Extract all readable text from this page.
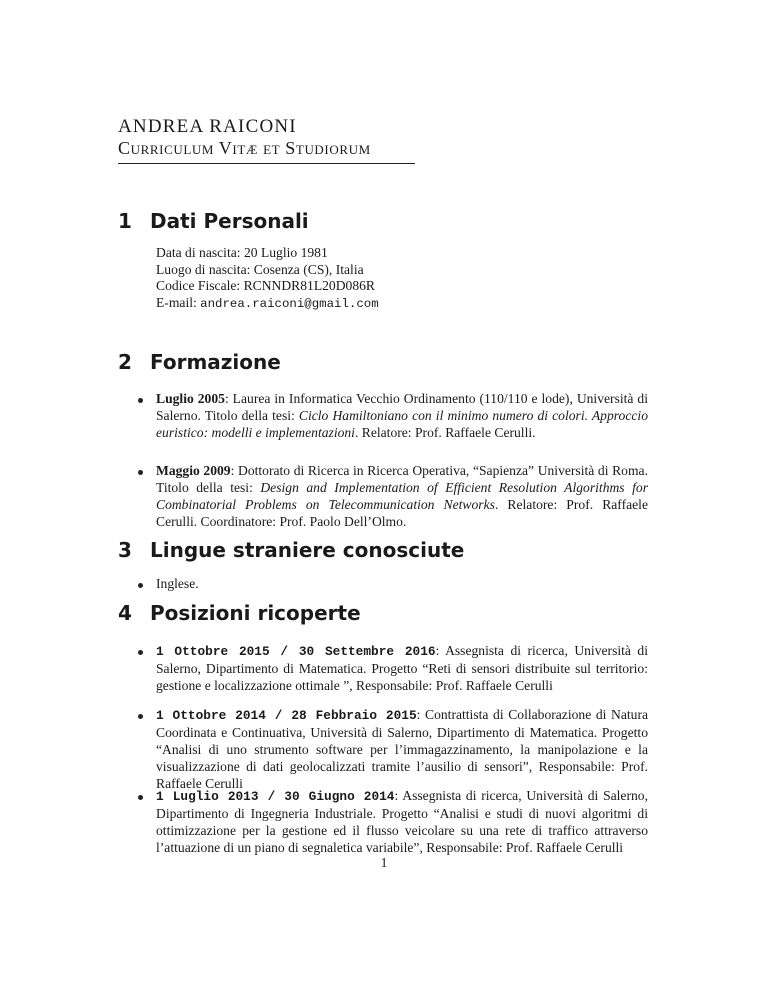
ANDREA RAICONI
Curriculum Vitæ et Studiorum
1 Dati Personali
Data di nascita: 20 Luglio 1981
Luogo di nascita: Cosenza (CS), Italia
Codice Fiscale: RCNNDR81L20D086R
E-mail: andrea.raiconi@gmail.com
2 Formazione
Luglio 2005: Laurea in Informatica Vecchio Ordinamento (110/110 e lode), Università di Salerno. Titolo della tesi: Ciclo Hamiltoniano con il minimo numero di colori. Approccio euristico: modelli e implementazioni. Relatore: Prof. Raffaele Cerulli.
Maggio 2009: Dottorato di Ricerca in Ricerca Operativa, “Sapienza” Università di Roma. Titolo della tesi: Design and Implementation of Efficient Resolution Algorithms for Combinatorial Problems on Telecommunication Networks. Relatore: Prof. Raffaele Cerulli. Coordinatore: Prof. Paolo Dell’Olmo.
3 Lingue straniere conosciute
Inglese.
4 Posizioni ricoperte
1 Ottobre 2015 / 30 Settembre 2016: Assegnista di ricerca, Università di Salerno, Dipartimento di Matematica. Progetto “Reti di sensori distribuite sul territorio: gestione e localizzazione ottimale ”, Responsabile: Prof. Raffaele Cerulli
1 Ottobre 2014 / 28 Febbraio 2015: Contrattista di Collaborazione di Natura Coordinata e Continuativa, Università di Salerno, Dipartimento di Matematica. Progetto “Analisi di uno strumento software per l’immagazzinamento, la manipolazione e la visualizzazione di dati geolocalizzati tramite l’ausilio di sensori”, Responsabile: Prof. Raffaele Cerulli
1 Luglio 2013 / 30 Giugno 2014: Assegnista di ricerca, Università di Salerno, Dipartimento di Ingegneria Industriale. Progetto “Analisi e studi di nuovi algoritmi di ottimizzazione per la gestione ed il flusso veicolare su una rete di traffico attraverso l’attuazione di un piano di segnaletica variabile”, Responsabile: Prof. Raffaele Cerulli
1
